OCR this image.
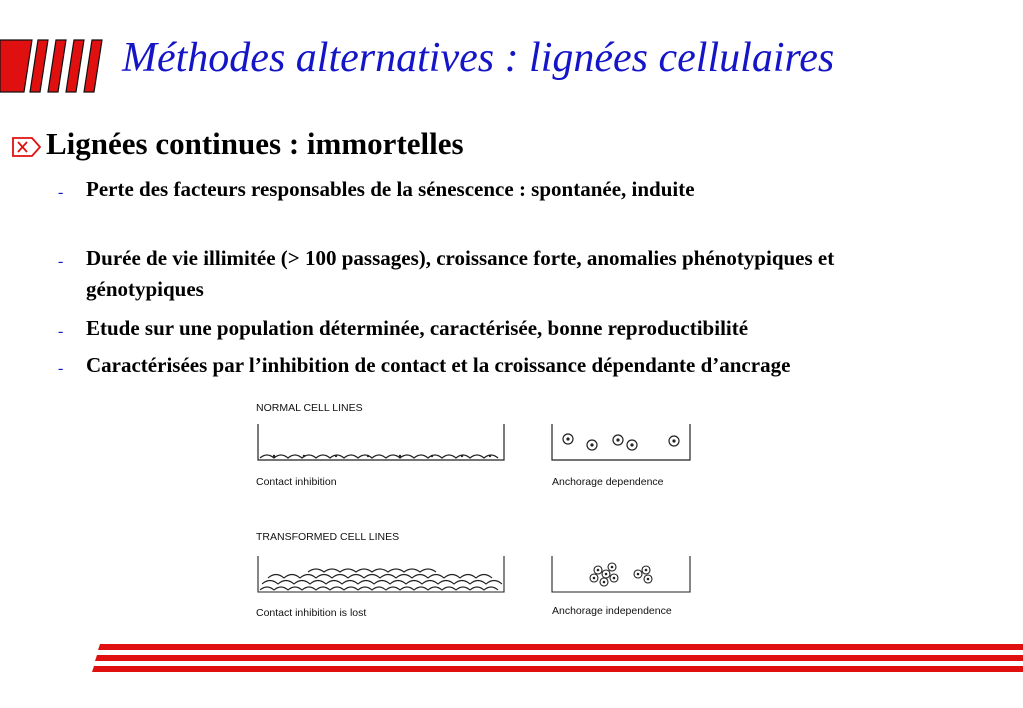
Méthodes alternatives : lignées cellulaires
Lignées continues : immortelles
- Perte des facteurs responsables de la sénescence : spontanée, induite
- Durée de vie illimitée (> 100 passages), croissance forte, anomalies phénotypiques et génotypiques
- Etude sur une population déterminée, caractérisée, bonne reproductibilité
- Caractérisées par l’inhibition de contact et la croissance dépendante d’ancrage
NORMAL CELL LINES
Contact inhibition	Anchorage dependence
TRANSFORMED CELL LINES
Contact inhibition is lost	Anchorage independence
